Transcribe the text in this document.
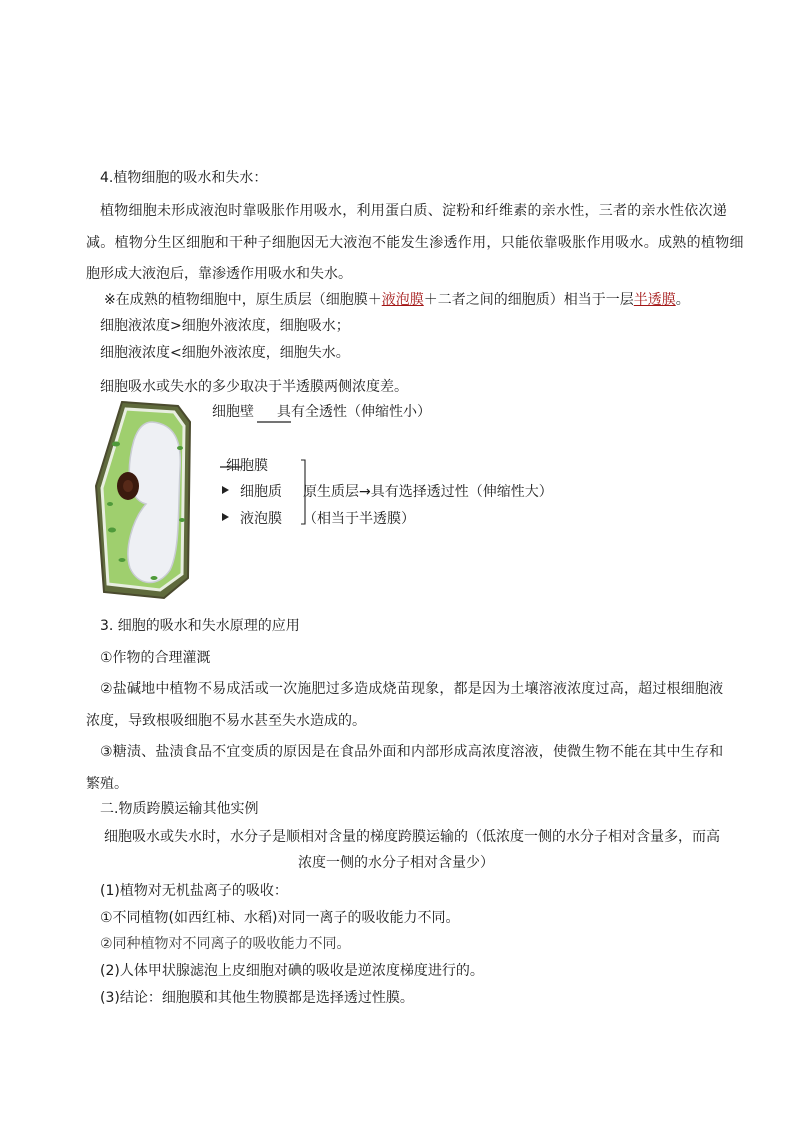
4.植物细胞的吸水和失水：
植物细胞未形成液泡时靠吸胀作用吸水，利用蛋白质、淀粉和纤维素的亲水性，三者的亲水性依次递
减。植物分生区细胞和干种子细胞因无大液泡不能发生渗透作用，只能依靠吸胀作用吸水。成熟的植物细
胞形成大液泡后，靠渗透作用吸水和失水。
※在成熟的植物细胞中，原生质层（细胞膜＋液泡膜＋二者之间的细胞质）相当于一层半透膜。
细胞液浓度>细胞外液浓度，细胞吸水；
细胞液浓度<细胞外液浓度，细胞失水。
细胞吸水或失水的多少取决于半透膜两侧浓度差。
细胞壁 具有全透性（伸缩性小）
细胞膜
细胞质
液泡膜
原生质层→具有选择透过性（伸缩性大）
（相当于半透膜）
3. 细胞的吸水和失水原理的应用
①作物的合理灌溉
②盐碱地中植物不易成活或一次施肥过多造成烧苗现象，都是因为土壤溶液浓度过高，超过根细胞液
浓度，导致根吸细胞不易水甚至失水造成的。
③糖渍、盐渍食品不宜变质的原因是在食品外面和内部形成高浓度溶液，使微生物不能在其中生存和
繁殖。
二.物质跨膜运输其他实例
细胞吸水或失水时，水分子是顺相对含量的梯度跨膜运输的（低浓度一侧的水分子相对含量多，而高
浓度一侧的水分子相对含量少）
(1)植物对无机盐离子的吸收：
①不同植物(如西红柿、水稻)对同一离子的吸收能力不同。
②同种植物对不同离子的吸收能力不同。
(2)人体甲状腺滤泡上皮细胞对碘的吸收是逆浓度梯度进行的。
(3)结论：细胞膜和其他生物膜都是选择透过性膜。
